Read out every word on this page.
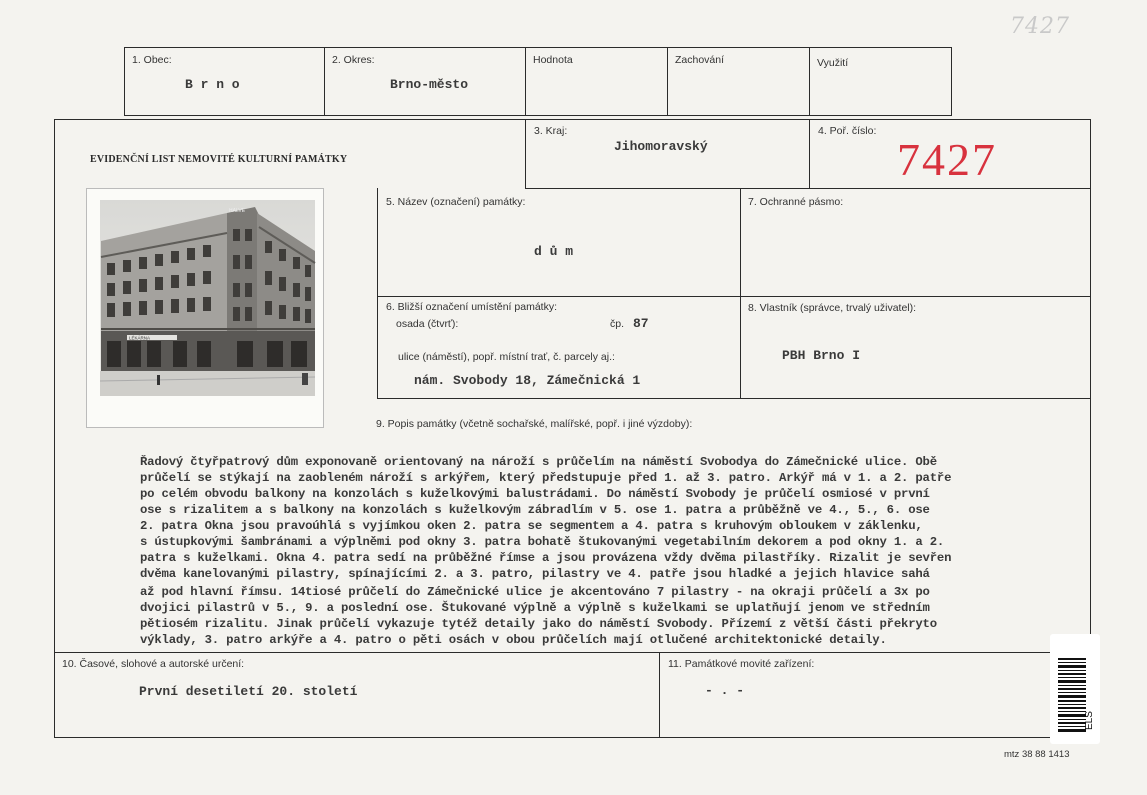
7427
1. Obec:
B r n o
2. Okres:
Brno-město
Hodnota	Zachování	Využití
EVIDENČNÍ LIST NEMOVITÉ KULTURNÍ PAMÁTKY
3. Kraj:
Jihomoravský
4. Poř. číslo:
7427
LÉKÁRNA
HALVE
5. Název (označení) památky:
d ů m
7. Ochranné pásmo:
6. Bližší označení umístění památky:
osada (čtvrť):	čp. 87
ulice (náměstí), popř. místní trať, č. parcely aj.:
nám. Svobody 18, Zámečnická 1
8. Vlastník (správce, trvalý uživatel):
PBH Brno I
9. Popis památky (včetně sochařské, malířské, popř. i jiné výzdoby):
Řadový čtyřpatrový dům exponovaně orientovaný na nároží s průčelím na náměstí Svobodya do Zámečnické ulice. Obě
průčelí se stýkají na zaobleném nároží s arkýřem, který předstupuje před 1. až 3. patro. Arkýř má v 1. a 2. patře
po celém obvodu balkony na konzolách s kuželkovými balustrádami. Do náměstí Svobody je průčelí osmiosé v první
ose s rizalitem a s balkony na konzolách s kuželkovým zábradlím v 5. ose 1. patra a průběžně ve 4., 5., 6. ose
2. patra Okna jsou pravoúhlá s vyjímkou oken 2. patra se segmentem a 4. patra s kruhovým obloukem v záklenku,
s ústupkovými šambránami a výplněmi pod okny 3. patra bohatě štukovanými vegetabilním dekorem a pod okny 1. a 2.
patra s kuželkami. Okna 4. patra sedí na průběžné římse a jsou provázena vždy dvěma pilastříky. Rizalit je sevřen
dvěma kanelovanými pilastry, spínajícími 2. a 3. patro, pilastry ve 4. patře jsou hladké a jejich hlavice sahá
až pod hlavní římsu. 14tiosé průčelí do Zámečnické ulice je akcentováno 7 pilastry - na okraji průčelí a 3x po
dvojici pilastrů v 5., 9. a poslední ose. Štukované výplně a výplně s kuželkami se uplatňují jenom ve středním
pětiosém rizalitu. Jinak průčelí vykazuje tytéž detaily jako do náměstí Svobody. Přízemí z větší části překryto
výklady, 3. patro arkýře a 4. patro o pěti osách v obou průčelích mají otlučené architektonické detaily.
10. Časové, slohové a autorské určení:
První desetiletí 20. století
11. Památkové movité zařízení:
- . -
ELS
mtz 38 88 1413
